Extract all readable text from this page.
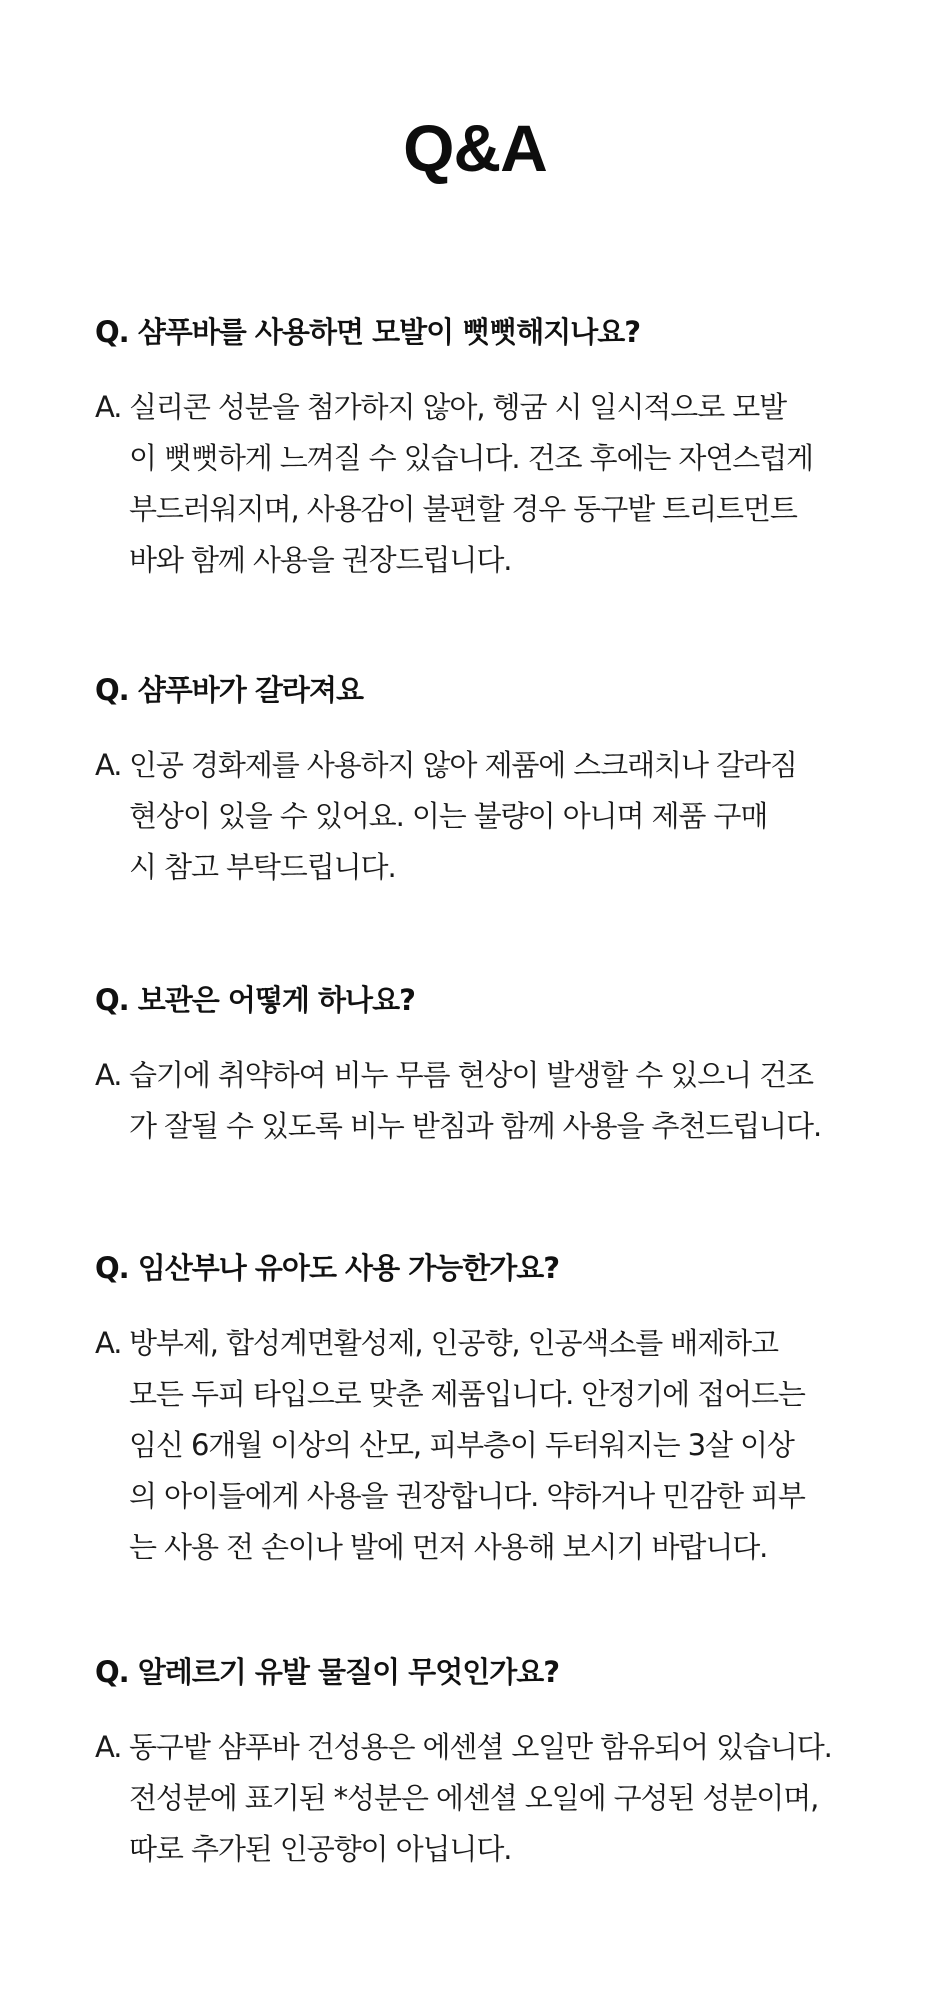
Q&A

Q. 샴푸바를 사용하면 모발이 뻣뻣해지나요?

A. 실리콘 성분을 첨가하지 않아, 헹굼 시 일시적으로 모발
이 뻣뻣하게 느껴질 수 있습니다. 건조 후에는 자연스럽게
부드러워지며, 사용감이 불편할 경우 동구밭 트리트먼트
바와 함께 사용을 권장드립니다.

Q. 샴푸바가 갈라져요

A. 인공 경화제를 사용하지 않아 제품에 스크래치나 갈라짐
현상이 있을 수 있어요. 이는 불량이 아니며 제품 구매
시 참고 부탁드립니다.

Q. 보관은 어떻게 하나요?

A. 습기에 취약하여 비누 무름 현상이 발생할 수 있으니 건조
가 잘될 수 있도록 비누 받침과 함께 사용을 추천드립니다.

Q. 임산부나 유아도 사용 가능한가요?

A. 방부제, 합성계면활성제, 인공향, 인공색소를 배제하고
모든 두피 타입으로 맞춘 제품입니다. 안정기에 접어드는
임신 6개월 이상의 산모, 피부층이 두터워지는 3살 이상
의 아이들에게 사용을 권장합니다. 약하거나 민감한 피부
는 사용 전 손이나 발에 먼저 사용해 보시기 바랍니다.

Q. 알레르기 유발 물질이 무엇인가요?

A. 동구밭 샴푸바 건성용은 에센셜 오일만 함유되어 있습니다.
전성분에 표기된 *성분은 에센셜 오일에 구성된 성분이며,
따로 추가된 인공향이 아닙니다.
